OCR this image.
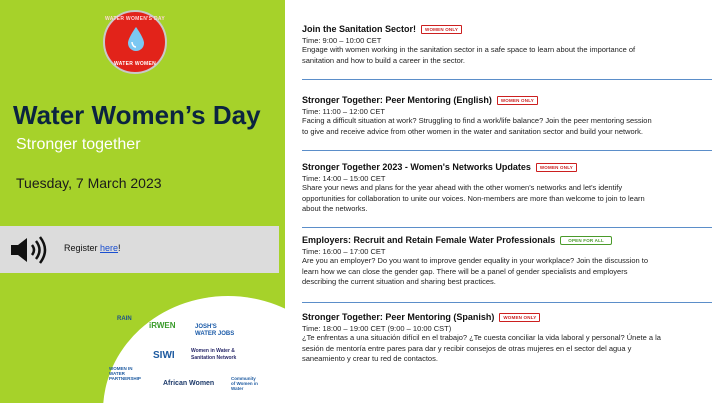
WATER WOMEN'S DAY
WATER WOMEN
Water Women’s Day
Stronger together
Tuesday, 7 March 2023
Register here!
RAIN
iRWEN	JOSH'S WATER JOBS
SIWI	Women in Water & Sanitation Network
WOMEN IN WATER PARTNERSHIP
African Women
Community of Women in Water
Join the Sanitation Sector! WOMEN ONLY
Time: 9:00 – 10:00 CET
Engage with women working in the sanitation sector in a safe space to learn about the importance of
sanitation and how to build a career in the sector.
Stronger Together: Peer Mentoring (English) WOMEN ONLY
Time: 11:00 – 12:00 CET
Facing a difficult situation at work? Struggling to find a work/life balance? Join the peer mentoring session
to give and receive advice from other women in the water and sanitation sector and build your network.
Stronger Together 2023 - Women's Networks Updates WOMEN ONLY
Time: 14:00 – 15:00 CET
Share your news and plans for the year ahead with the other women's networks and let's identify
opportunities for collaboration to unite our voices. Non-members are more than welcome to join to learn
about the networks.
Employers: Recruit and Retain Female Water Professionals	OPEN FOR ALL
Time: 16:00 – 17:00 CET
Are you an employer? Do you want to improve gender equality in your workplace? Join the discussion to
learn how we can close the gender gap. There will be a panel of gender specialists and employers
describing the current situation and sharing best practices.
Stronger Together: Peer Mentoring (Spanish) WOMEN ONLY
Time: 18:00 – 19:00 CET (9:00 – 10:00 CST)
¿Te enfrentas a una situación difícil en el trabajo? ¿Te cuesta conciliar la vida laboral y personal? Únete a la
sesión de mentoría entre pares para dar y recibir consejos de otras mujeres en el sector del agua y
saneamiento y crear tu red de contactos.
